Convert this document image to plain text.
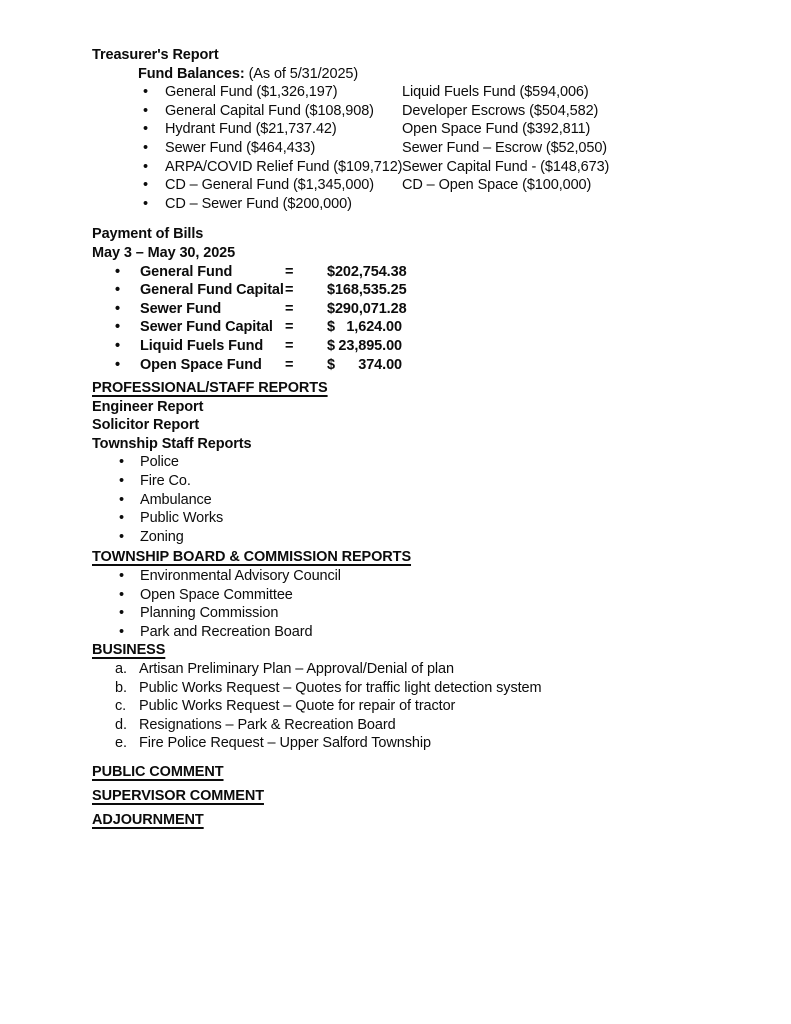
Treasurer's Report
Fund Balances: (As of 5/31/2025)
•	General Fund ($1,326,197)	Liquid Fuels Fund ($594,006)
•	General Capital Fund ($108,908)	Developer Escrows ($504,582)
•	Hydrant Fund ($21,737.42)	Open Space Fund ($392,811)
•	Sewer Fund ($464,433)	Sewer Fund – Escrow ($52,050)
•	ARPA/COVID Relief Fund ($109,712) Sewer Capital Fund - ($148,673)
•	CD – General Fund ($1,345,000)	CD – Open Space ($100,000)
•	CD – Sewer Fund ($200,000)
Payment of Bills
May 3 – May 30, 2025
•	General Fund	=	$ 202,754.38
•	General Fund Capital =	$ 168,535.25
•	Sewer Fund	=	$ 290,071.28
•	Sewer Fund Capital =	$ 1,624.00
•	Liquid Fuels Fund	=	$ 23,895.00
•	Open Space Fund	=	$ 374.00
PROFESSIONAL/STAFF REPORTS
Engineer Report
Solicitor Report
Township Staff Reports
•	Police
•	Fire Co.
•	Ambulance
•	Public Works
•	Zoning
TOWNSHIP BOARD & COMMISSION REPORTS
•	Environmental Advisory Council
•	Open Space Committee
•	Planning Commission
•	Park and Recreation Board
BUSINESS
a. Artisan Preliminary Plan – Approval/Denial of plan
b. Public Works Request – Quotes for traffic light detection system
c. Public Works Request – Quote for repair of tractor
d. Resignations – Park & Recreation Board
e. Fire Police Request – Upper Salford Township
PUBLIC COMMENT
SUPERVISOR COMMENT
ADJOURNMENT
